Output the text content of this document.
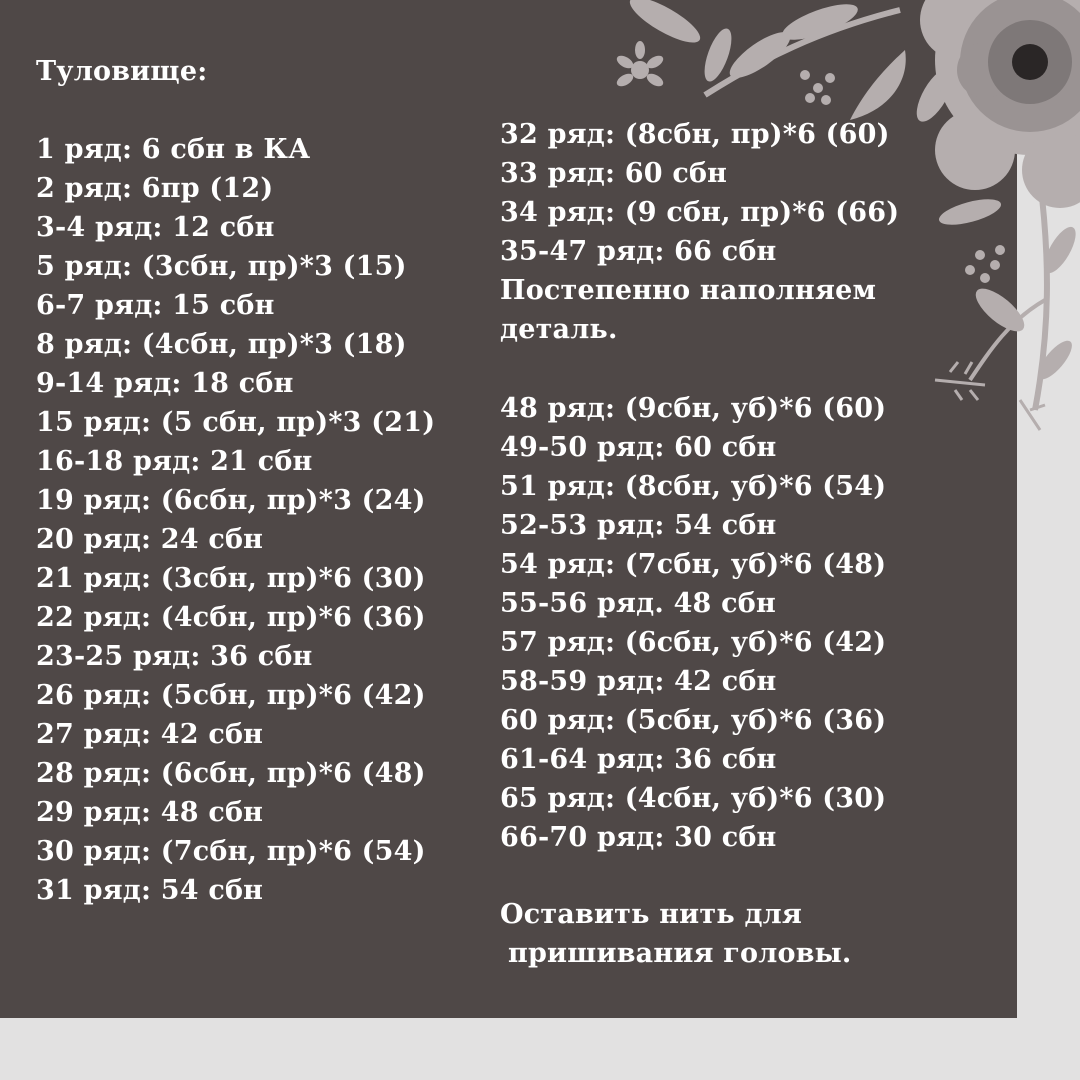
Туловище:
1 ряд: 6 сбн в КА
2 ряд: 6пр (12)
3-4 ряд: 12 сбн
5 ряд: (3сбн, пр)*3 (15)
6-7 ряд: 15 сбн
8 ряд: (4сбн, пр)*3 (18)
9-14 ряд: 18 сбн
15 ряд: (5 сбн, пр)*3 (21)
16-18 ряд: 21 сбн
19 ряд: (6сбн, пр)*3 (24)
20 ряд: 24 сбн
21 ряд: (3сбн, пр)*6 (30)
22 ряд: (4сбн, пр)*6 (36)
23-25 ряд: 36 сбн
26 ряд: (5сбн, пр)*6 (42)
27 ряд: 42 сбн
28 ряд: (6сбн, пр)*6 (48)
29 ряд: 48 сбн
30 ряд: (7сбн, пр)*6 (54)
31 ряд: 54 сбн
32 ряд: (8сбн, пр)*6 (60)
33 ряд: 60 сбн
34 ряд: (9 сбн, пр)*6 (66)
35-47 ряд: 66 сбн
Постепенно наполняем
деталь.
48 ряд: (9сбн, уб)*6 (60)
49-50 ряд: 60 сбн
51 ряд: (8сбн, уб)*6 (54)
52-53 ряд: 54 сбн
54 ряд: (7сбн, уб)*6 (48)
55-56 ряд. 48 сбн
57 ряд: (6сбн, уб)*6 (42)
58-59 ряд: 42 сбн
60 ряд: (5сбн, уб)*6 (36)
61-64 ряд: 36 сбн
65 ряд: (4сбн, уб)*6 (30)
66-70 ряд: 30 сбн
Оставить нить для
пришивания головы.
